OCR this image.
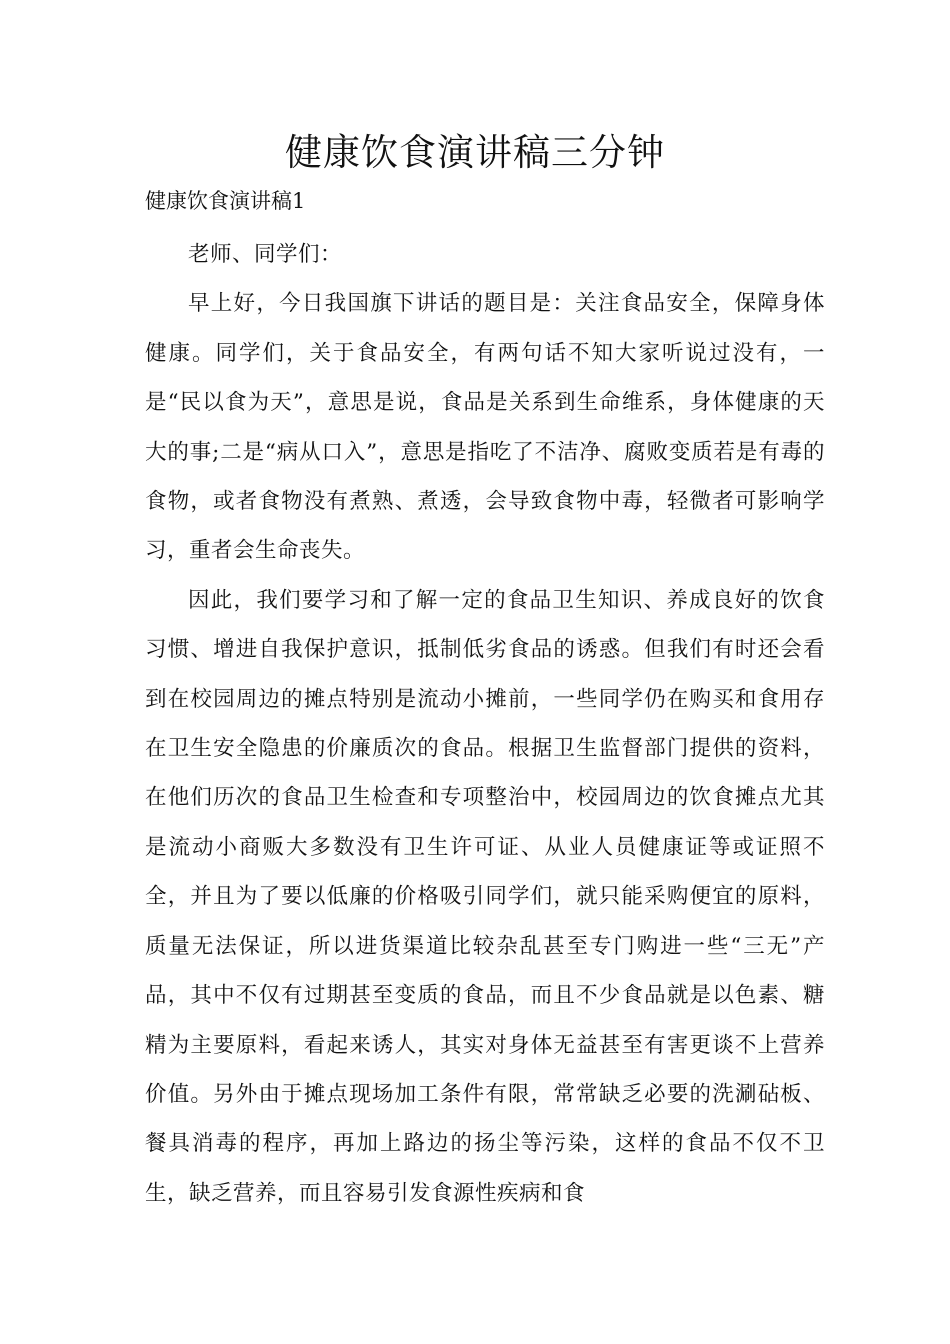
健康饮食演讲稿三分钟

健康饮食演讲稿1

老师、同学们：

早上好，今日我国旗下讲话的题目是：关注食品安全，保障身体健康。同学们，关于食品安全，有两句话不知大家听说过没有，一是“民以食为天”，意思是说，食品是关系到生命维系，身体健康的天大的事;二是“病从口入”，意思是指吃了不洁净、腐败变质若是有毒的食物，或者食物没有煮熟、煮透，会导致食物中毒，轻微者可影响学习，重者会生命丧失。

因此，我们要学习和了解一定的食品卫生知识、养成良好的饮食习惯、增进自我保护意识，抵制低劣食品的诱惑。但我们有时还会看到在校园周边的摊点特别是流动小摊前，一些同学仍在购买和食用存在卫生安全隐患的价廉质次的食品。根据卫生监督部门提供的资料，在他们历次的食品卫生检查和专项整治中，校园周边的饮食摊点尤其是流动小商贩大多数没有卫生许可证、从业人员健康证等或证照不全，并且为了要以低廉的价格吸引同学们，就只能采购便宜的原料，质量无法保证，所以进货渠道比较杂乱甚至专门购进一些“三无”产品，其中不仅有过期甚至变质的食品，而且不少食品就是以色素、糖精为主要原料，看起来诱人，其实对身体无益甚至有害更谈不上营养价值。另外由于摊点现场加工条件有限，常常缺乏必要的洗涮砧板、餐具消毒的程序，再加上路边的扬尘等污染，这样的食品不仅不卫生，缺乏营养，而且容易引发食源性疾病和食
